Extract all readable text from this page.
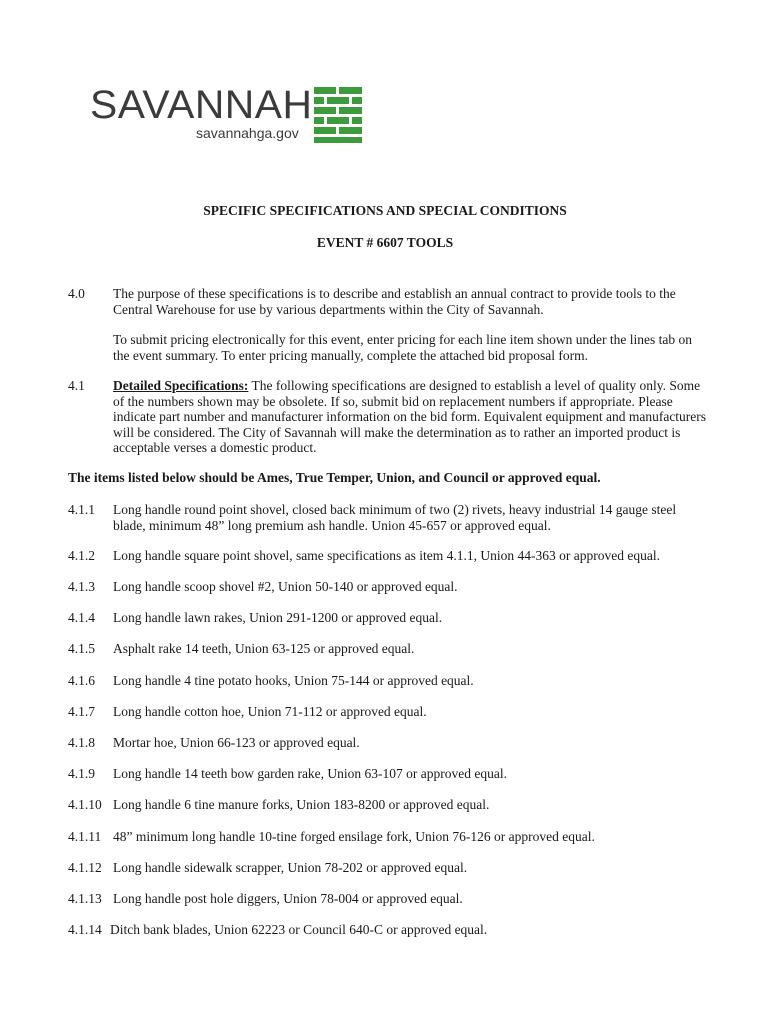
SAVANNAH
savannahga.gov
SPECIFIC SPECIFICATIONS AND SPECIAL CONDITIONS
EVENT # 6607 TOOLS
4.0 The purpose of these specifications is to describe and establish an annual contract to provide tools to the Central Warehouse for use by various departments within the City of Savannah.
To submit pricing electronically for this event, enter pricing for each line item shown under the lines tab on the event summary. To enter pricing manually, complete the attached bid proposal form.
4.1 Detailed Specifications: The following specifications are designed to establish a level of quality only. Some of the numbers shown may be obsolete. If so, submit bid on replacement numbers if appropriate. Please indicate part number and manufacturer information on the bid form. Equivalent equipment and manufacturers will be considered. The City of Savannah will make the determination as to rather an imported product is acceptable verses a domestic product.
The items listed below should be Ames, True Temper, Union, and Council or approved equal.
4.1.1 Long handle round point shovel, closed back minimum of two (2) rivets, heavy industrial 14 gauge steel blade, minimum 48” long premium ash handle. Union 45-657 or approved equal.
4.1.2 Long handle square point shovel, same specifications as item 4.1.1, Union 44-363 or approved equal.
4.1.3 Long handle scoop shovel #2, Union 50-140 or approved equal.
4.1.4 Long handle lawn rakes, Union 291-1200 or approved equal.
4.1.5 Asphalt rake 14 teeth, Union 63-125 or approved equal.
4.1.6 Long handle 4 tine potato hooks, Union 75-144 or approved equal.
4.1.7 Long handle cotton hoe, Union 71-112 or approved equal.
4.1.8 Mortar hoe, Union 66-123 or approved equal.
4.1.9 Long handle 14 teeth bow garden rake, Union 63-107 or approved equal.
4.1.10 Long handle 6 tine manure forks, Union 183-8200 or approved equal.
4.1.11 48” minimum long handle 10-tine forged ensilage fork, Union 76-126 or approved equal.
4.1.12 Long handle sidewalk scrapper, Union 78-202 or approved equal.
4.1.13 Long handle post hole diggers, Union 78-004 or approved equal.
4.1.14 Ditch bank blades, Union 62223 or Council 640-C or approved equal.
